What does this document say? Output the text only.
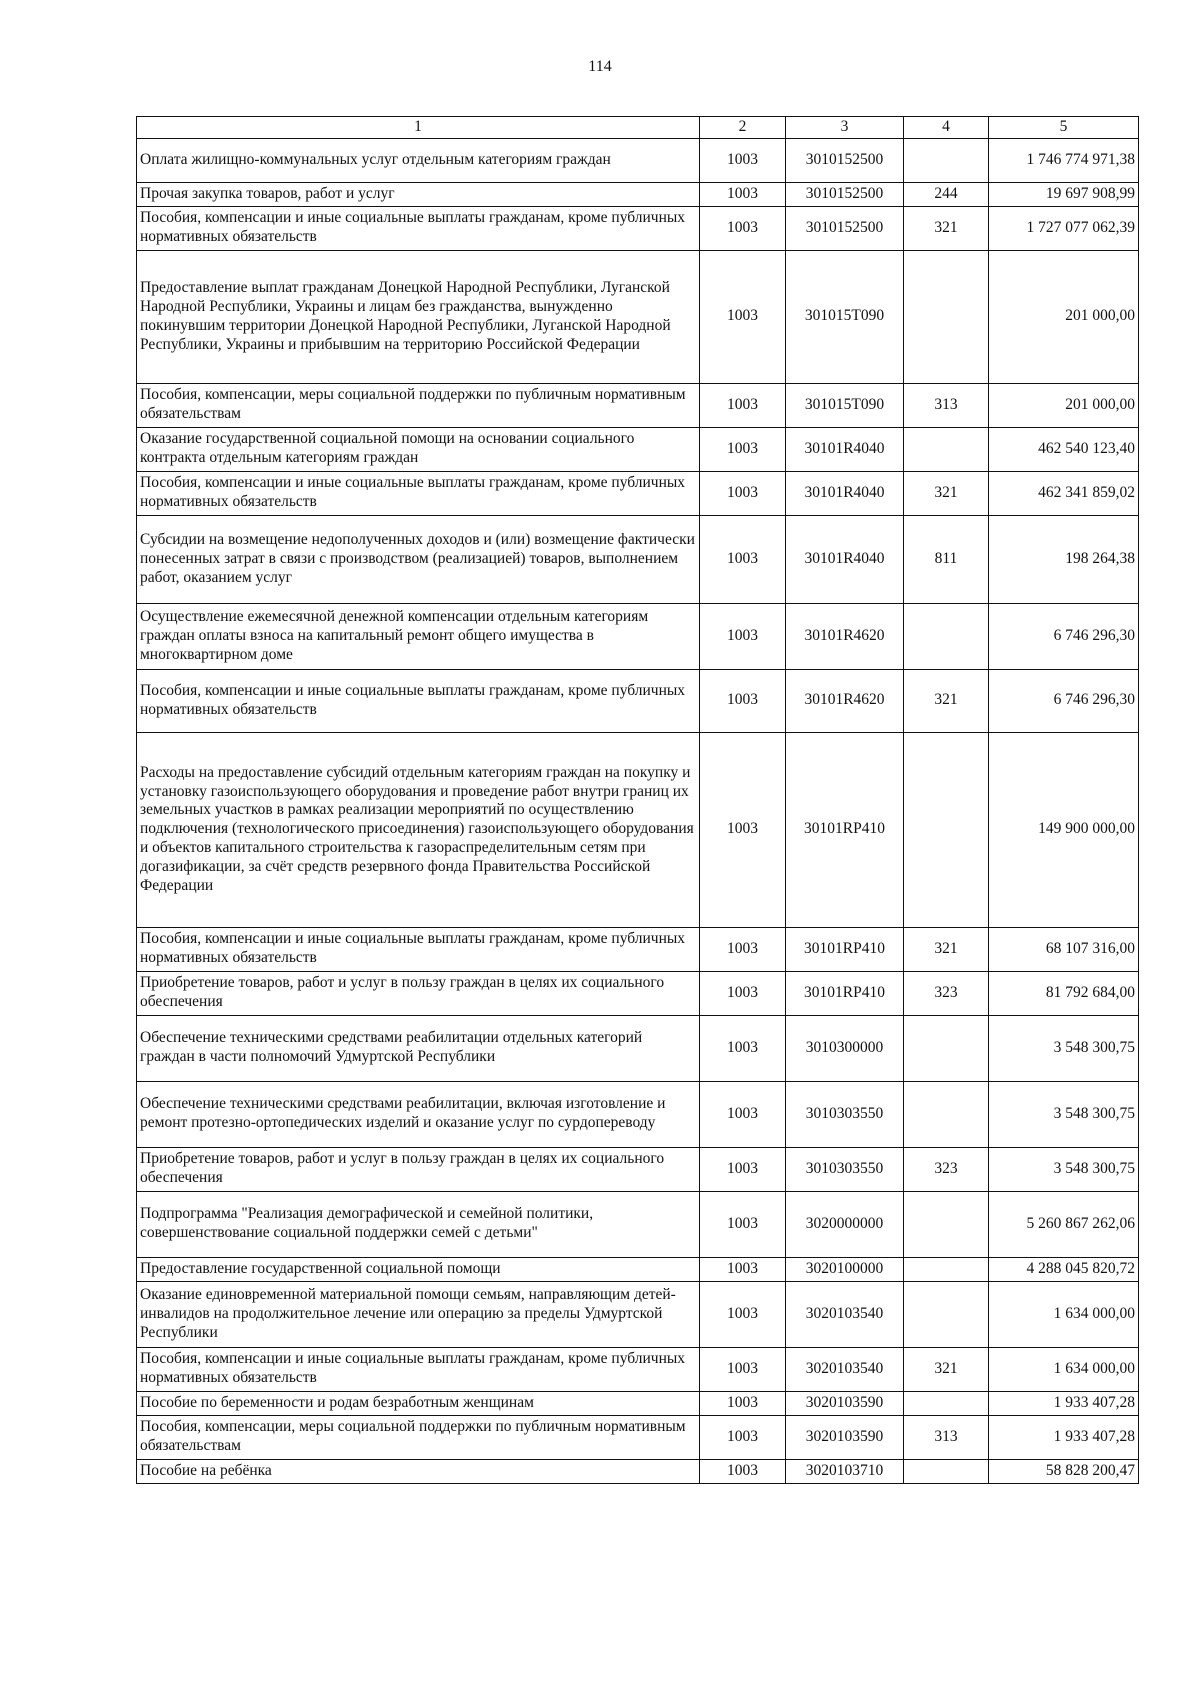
114
1	2	3	4	5
Оплата жилищно-коммунальных услуг отдельным категориям граждан	1003	3010152500		1 746 774 971,38
Прочая закупка товаров, работ и услуг	1003	3010152500	244	19 697 908,99
Пособия, компенсации и иные социальные выплаты гражданам, кроме публичных нормативных обязательств	1003	3010152500	321	1 727 077 062,39
Предоставление выплат гражданам Донецкой Народной Республики, Луганской Народной Республики, Украины и лицам без гражданства, вынужденно покинувшим территории Донецкой Народной Республики, Луганской Народной Республики, Украины и прибывшим на территорию Российской Федерации	1003	301015Т090		201 000,00
Пособия, компенсации, меры социальной поддержки по публичным нормативным обязательствам	1003	301015Т090	313	201 000,00
Оказание государственной социальной помощи на основании социального контракта отдельным категориям граждан	1003	30101R4040		462 540 123,40
Пособия, компенсации и иные социальные выплаты гражданам, кроме публичных нормативных обязательств	1003	30101R4040	321	462 341 859,02
Субсидии на возмещение недополученных доходов и (или) возмещение фактически понесенных затрат в связи с производством (реализацией) товаров, выполнением работ, оказанием услуг	1003	30101R4040	811	198 264,38
Осуществление ежемесячной денежной компенсации отдельным категориям граждан оплаты взноса на капитальный ремонт общего имущества в многоквартирном доме	1003	30101R4620		6 746 296,30
Пособия, компенсации и иные социальные выплаты гражданам, кроме публичных нормативных обязательств	1003	30101R4620	321	6 746 296,30
Расходы на предоставление субсидий отдельным категориям граждан на покупку и установку газоиспользующего оборудования и проведение работ внутри границ их земельных участков в рамках реализации мероприятий по осуществлению подключения (технологического присоединения) газоиспользующего оборудования и объектов капитального строительства к газораспределительным сетям при догазификации, за счёт средств резервного фонда Правительства Российской Федерации	1003	30101RP410		149 900 000,00
Пособия, компенсации и иные социальные выплаты гражданам, кроме публичных нормативных обязательств	1003	30101RP410	321	68 107 316,00
Приобретение товаров, работ и услуг в пользу граждан в целях их социального обеспечения	1003	30101RP410	323	81 792 684,00
Обеспечение техническими средствами реабилитации отдельных категорий граждан в части полномочий Удмуртской Республики	1003	3010300000		3 548 300,75
Обеспечение техническими средствами реабилитации, включая изготовление и ремонт протезно-ортопедических изделий и оказание услуг по сурдопереводу	1003	3010303550		3 548 300,75
Приобретение товаров, работ и услуг в пользу граждан в целях их социального обеспечения	1003	3010303550	323	3 548 300,75
Подпрограмма "Реализация демографической и семейной политики, совершенствование социальной поддержки семей с детьми"	1003	3020000000		5 260 867 262,06
Предоставление государственной социальной помощи	1003	3020100000		4 288 045 820,72
Оказание единовременной материальной помощи семьям, направляющим детей-инвалидов на продолжительное лечение или операцию за пределы Удмуртской Республики	1003	3020103540		1 634 000,00
Пособия, компенсации и иные социальные выплаты гражданам, кроме публичных нормативных обязательств	1003	3020103540	321	1 634 000,00
Пособие по беременности и родам безработным женщинам	1003	3020103590		1 933 407,28
Пособия, компенсации, меры социальной поддержки по публичным нормативным обязательствам	1003	3020103590	313	1 933 407,28
Пособие на ребёнка	1003	3020103710		58 828 200,47
